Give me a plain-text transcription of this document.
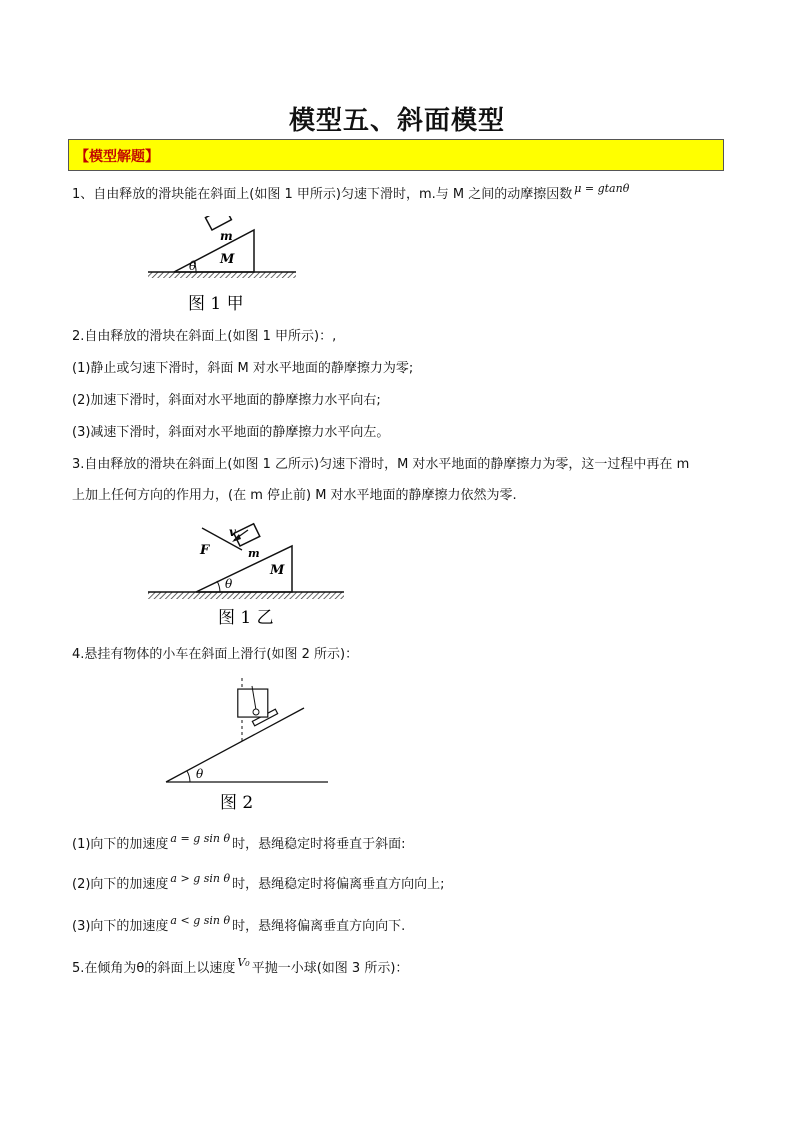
模型五、斜面模型
【模型解题】
1、自由释放的滑块能在斜面上(如图 1 甲所示)匀速下滑时，m.与 M 之间的动摩擦因数 $^{\mu = gtan\theta}$
m
M
θ
图 1 甲
2.自由释放的滑块在斜面上(如图 1 甲所示)：,
(1)静止或匀速下滑时，斜面 M 对水平地面的静摩擦力为零;
(2)加速下滑时，斜面对水平地面的静摩擦力水平向右;
(3)减速下滑时，斜面对水平地面的静摩擦力水平向左。
3.自由释放的滑块在斜面上(如图 1 乙所示)匀速下滑时，M 对水平地面的静摩擦力为零，这一过程中再在 m
上加上任何方向的作用力，(在 m 停止前) M 对水平地面的静摩擦力依然为零.
F
v
m
M
θ
图 1 乙
4.悬挂有物体的小车在斜面上滑行(如图 2 所示)：
θ
图 2
(1)向下的加速度 $^{a = g sin \theta}$ 时，悬绳稳定时将垂直于斜面:
(2)向下的加速度 $^{a > g sin \theta}$ 时，悬绳稳定时将偏离垂直方向向上;
(3)向下的加速度 $^{a < g sin \theta}$ 时，悬绳将偏离垂直方向向下.
5.在倾角为θ的斜面上以速度 $^{V_0}$ 平抛一小球(如图 3 所示)：
